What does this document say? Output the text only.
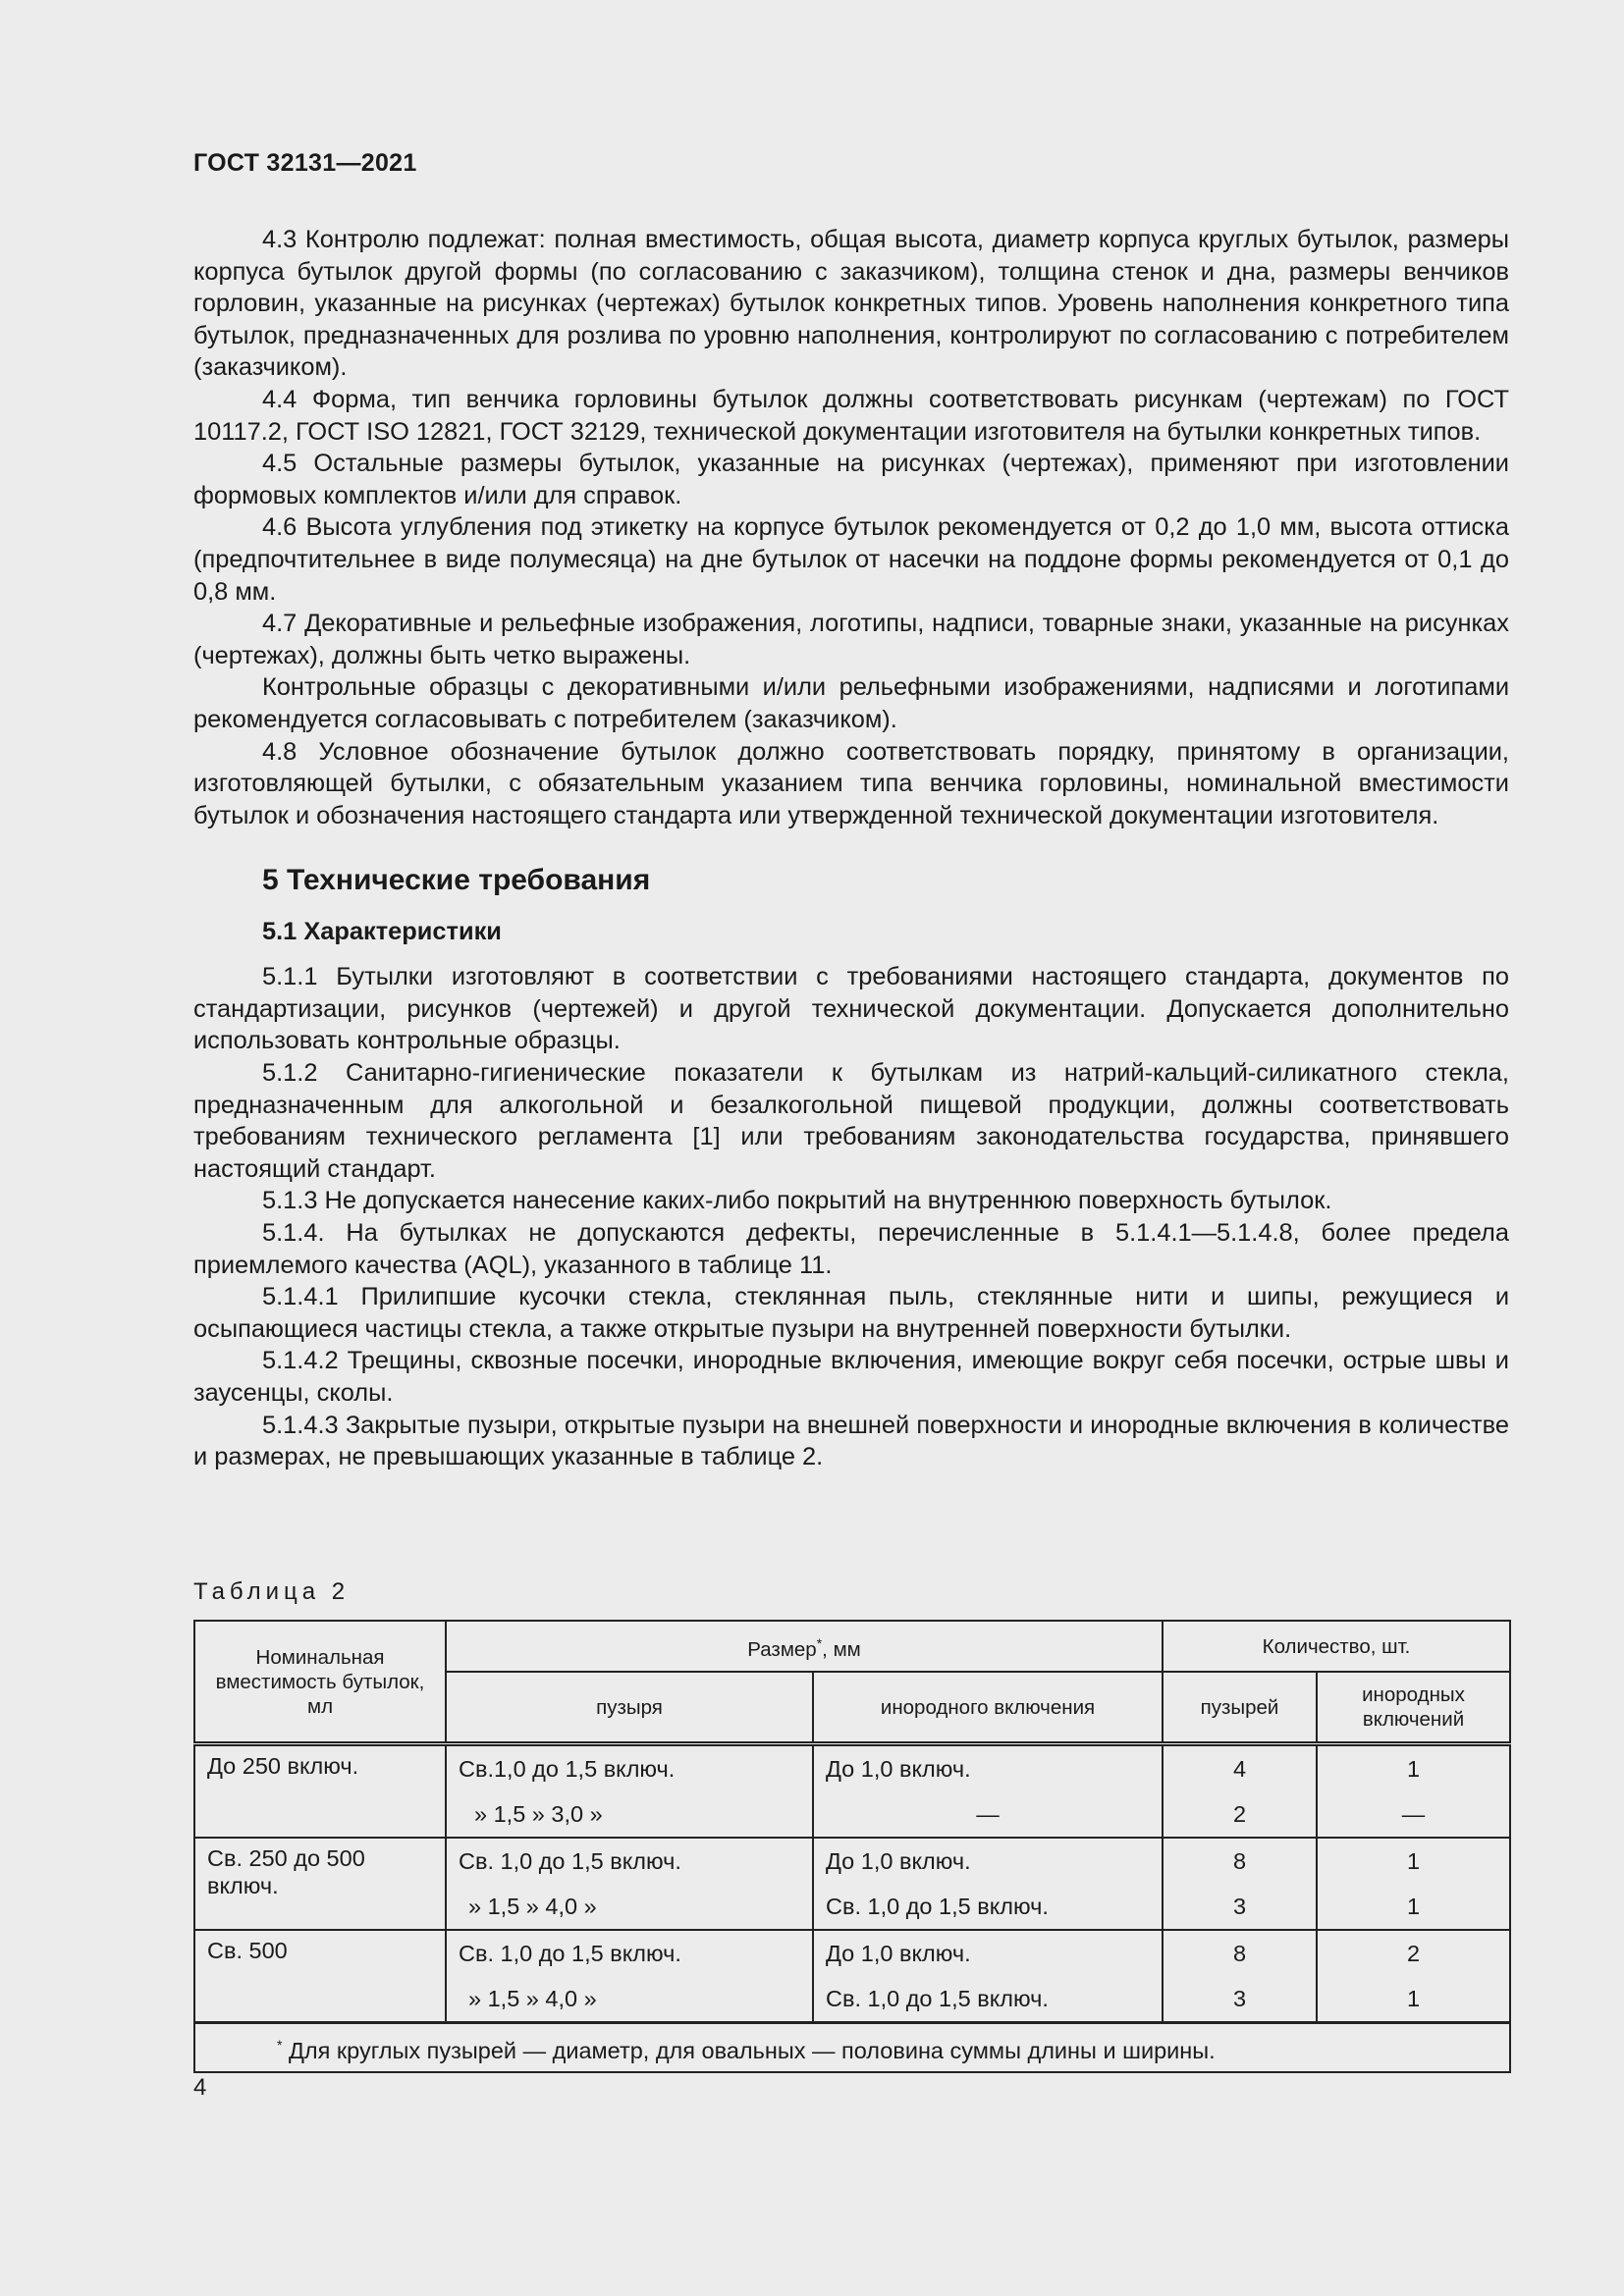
ГОСТ 32131—2021

4.3 Контролю подлежат: полная вместимость, общая высота, диаметр корпуса круглых бутылок, размеры корпуса бутылок другой формы (по согласованию с заказчиком), толщина стенок и дна, размеры венчиков горловин, указанные на рисунках (чертежах) бутылок конкретных типов. Уровень наполнения конкретного типа бутылок, предназначенных для розлива по уровню наполнения, контролируют по согласованию с потребителем (заказчиком).

4.4 Форма, тип венчика горловины бутылок должны соответствовать рисункам (чертежам) по ГОСТ 10117.2, ГОСТ ISO 12821, ГОСТ 32129, технической документации изготовителя на бутылки конкретных типов.

4.5 Остальные размеры бутылок, указанные на рисунках (чертежах), применяют при изготовлении формовых комплектов и/или для справок.

4.6 Высота углубления под этикетку на корпусе бутылок рекомендуется от 0,2 до 1,0 мм, высота оттиска (предпочтительнее в виде полумесяца) на дне бутылок от насечки на поддоне формы рекомендуется от 0,1 до 0,8 мм.

4.7 Декоративные и рельефные изображения, логотипы, надписи, товарные знаки, указанные на рисунках (чертежах), должны быть четко выражены.

Контрольные образцы с декоративными и/или рельефными изображениями, надписями и логотипами рекомендуется согласовывать с потребителем (заказчиком).

4.8 Условное обозначение бутылок должно соответствовать порядку, принятому в организации, изготовляющей бутылки, с обязательным указанием типа венчика горловины, номинальной вместимости бутылок и обозначения настоящего стандарта или утвержденной технической документации изготовителя.

5 Технические требования
5.1 Характеристики

5.1.1 Бутылки изготовляют в соответствии с требованиями настоящего стандарта, документов по стандартизации, рисунков (чертежей) и другой технической документации. Допускается дополнительно использовать контрольные образцы.

5.1.2 Санитарно-гигиенические показатели к бутылкам из натрий-кальций-силикатного стекла, предназначенным для алкогольной и безалкогольной пищевой продукции, должны соответствовать требованиям технического регламента [1] или требованиям законодательства государства, принявшего настоящий стандарт.

5.1.3 Не допускается нанесение каких-либо покрытий на внутреннюю поверхность бутылок.

5.1.4. На бутылках не допускаются дефекты, перечисленные в 5.1.4.1—5.1.4.8, более предела приемлемого качества (AQL), указанного в таблице 11.

5.1.4.1 Прилипшие кусочки стекла, стеклянная пыль, стеклянные нити и шипы, режущиеся и осыпающиеся частицы стекла, а также открытые пузыри на внутренней поверхности бутылки.

5.1.4.2 Трещины, сквозные посечки, инородные включения, имеющие вокруг себя посечки, острые швы и заусенцы, сколы.

5.1.4.3 Закрытые пузыри, открытые пузыри на внешней поверхности и инородные включения в количестве и размерах, не превышающих указанные в таблице 2.

Таблица 2
Номинальная вместимость бутылок, мл	Размер*, мм		Количество, шт.	
	пузыря	инородного включения	пузырей	инородных включений
До 250 включ.	Св.1,0 до 1,5 включ.	До 1,0 включ.	4	1
	» 1,5 » 3,0 »	—	2	—
Св. 250 до 500 включ.	Св. 1,0 до 1,5 включ.	До 1,0 включ.	8	1
	» 1,5 » 4,0 »	Св. 1,0 до 1,5 включ.	3	1
Св. 500	Св. 1,0 до 1,5 включ.	До 1,0 включ.	8	2
	» 1,5 » 4,0 »	Св. 1,0 до 1,5 включ.	3	1
* Для круглых пузырей — диаметр, для овальных — половина суммы длины и ширины.				
4
